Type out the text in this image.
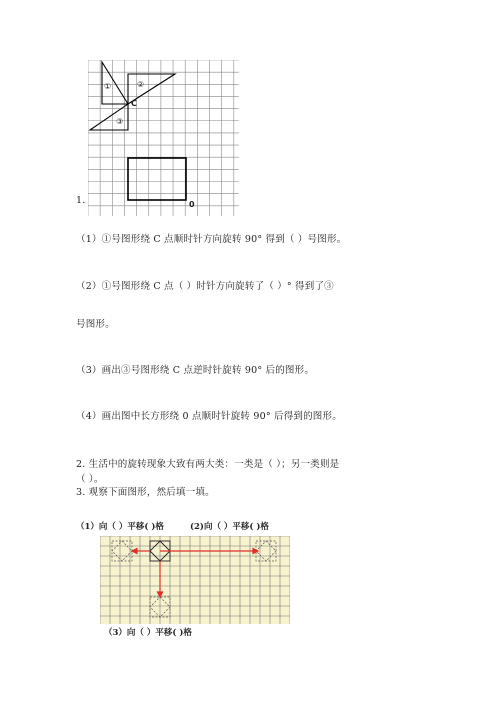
①	②
③
C
0
1.
（1）①号图形绕 C 点顺时针方向旋转 90° 得到（ ）号图形。
（2）①号图形绕 C 点（ ）时针方向旋转了（ ）° 得到了③
号图形。
（3）画出③号图形绕 C 点逆时针旋转 90° 后的图形。
（4）画出图中长方形绕 0 点顺时针旋转 90° 后得到的图形。
2. 生活中的旋转现象大致有两大类：一类是（ ）；另一类则是
（ ）。
3. 观察下面图形，然后填一填。
（1）向（ ）平移( )格	(2)向（ ）平移( )格
（3）向（ ）平移( )格
